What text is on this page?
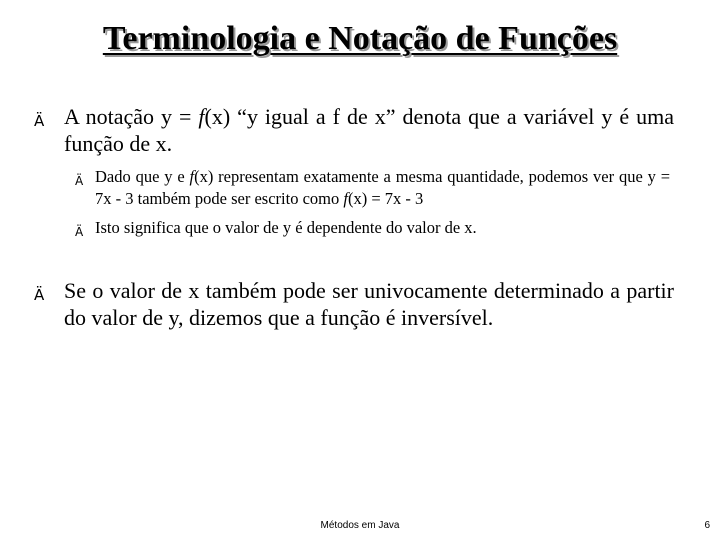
Terminologia e Notação de Funções
Ä A notação y = f(x) “y igual a f de x” denota que a variável y é uma função de x.
Ä Dado que y e f(x) representam exatamente a mesma quantidade, podemos ver que y = 7x - 3 também pode ser escrito como f(x) = 7x - 3
Ä Isto significa que o valor de y é dependente do valor de x.
Ä Se o valor de x também pode ser univocamente determinado a partir do valor de y, dizemos que a função é inversível.
Métodos em Java	6
